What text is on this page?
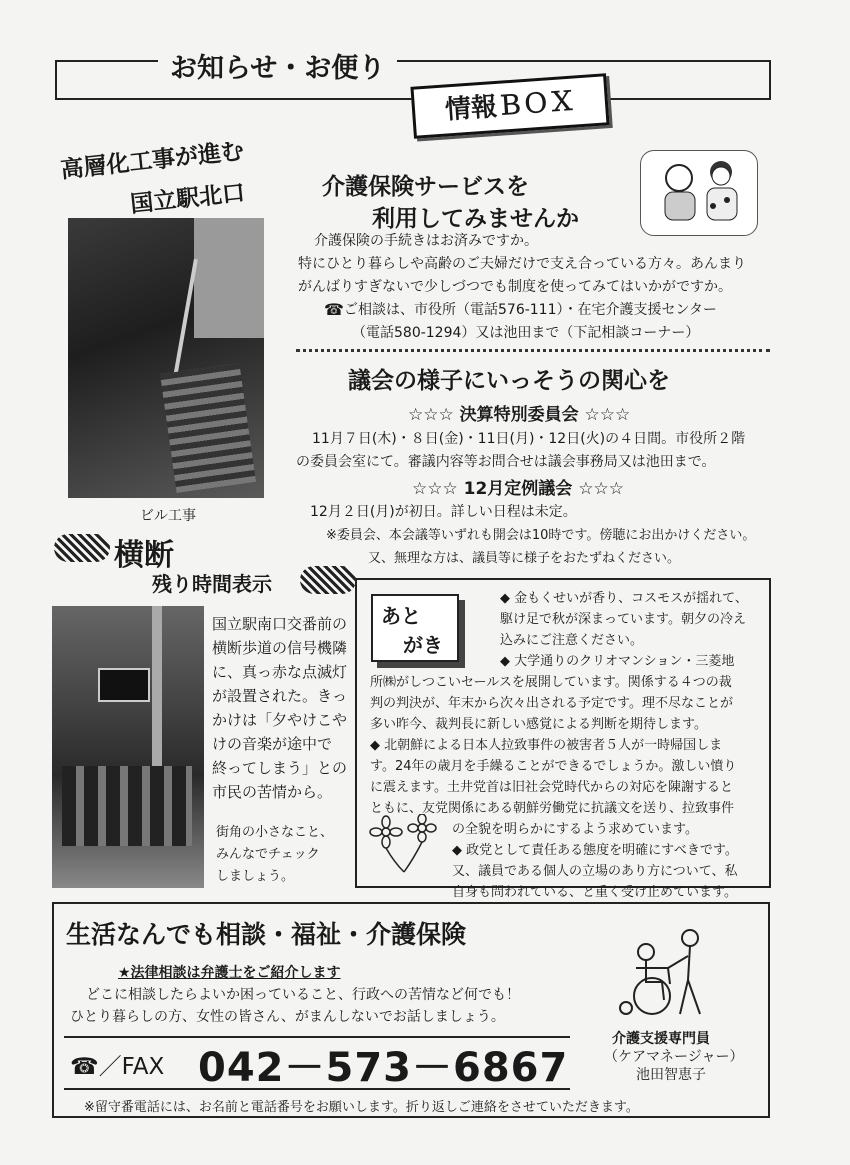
お知らせ・お便り
情報ＢＯＸ
高層化工事が進む
国立駅北口
ビル工事
横断
残り時間表示
国立駅南口交番前の
横断歩道の信号機隣
に、真っ赤な点滅灯
が設置された。きっ
かけは「夕やけこや
けの音楽が途中で
終ってしまう」との
市民の苦情から。
街角の小さなこと、
みんなでチェック
しましょう。
介護保険サービスを
利用してみませんか
介護保険の手続きはお済みですか。
特にひとり暮らしや高齢のご夫婦だけで支え合っている方々。あんまり
がんばりすぎないで少しづつでも制度を使ってみてはいかがですか。
☎ ご相談は、市役所（電話576-111）・在宅介護支援センター
（電話580-1294）又は池田まで（下記相談コーナー）
議会の様子にいっそうの関心を
☆☆☆ 決算特別委員会 ☆☆☆
11月７日(木)・８日(金)・11日(月)・12日(火)の４日間。市役所２階
の委員会室にて。審議内容等お問合せは議会事務局又は池田まで。
☆☆☆ 12月定例議会 ☆☆☆
12月２日(月)が初日。詳しい日程は未定。
※委員会、本会議等いずれも開会は10時です。傍聴にお出かけください。
又、無理な方は、議員等に様子をおたずねください。
あと
がき
◆ 金もくせいが香り、コスモスが揺れて、
駆け足で秋が深まっています。朝夕の冷え
込みにご注意ください。
◆ 大学通りのクリオマンション・三菱地
所㈱がしつこいセールスを展開しています。関係する４つの裁
判の判決が、年末から次々出される予定です。理不尽なことが
多い昨今、裁判長に新しい感覚による判断を期待します。
◆ 北朝鮮による日本人拉致事件の被害者５人が一時帰国しま
す。24年の歳月を手繰ることができるでしょうか。激しい憤り
に震えます。土井党首は旧社会党時代からの対応を陳謝すると
ともに、友党関係にある朝鮮労働党に抗議文を送り、拉致事件
の全貌を明らかにするよう求めています。
◆ 政党として責任ある態度を明確にすべきです。
又、議員である個人の立場のあり方について、私
自身も問われている、と重く受け止めています。
生活なんでも相談・福祉・介護保険
★法律相談は弁護士をご紹介します
どこに相談したらよいか困っていること、行政への苦情など何でも！
ひとり暮らしの方、女性の皆さん、がまんしないでお話しましょう。
☎／FAX 042－573－6867
介護支援専門員
（ケアマネージャー）
池田智恵子
※留守番電話には、お名前と電話番号をお願いします。折り返しご連絡をさせていただきます。
